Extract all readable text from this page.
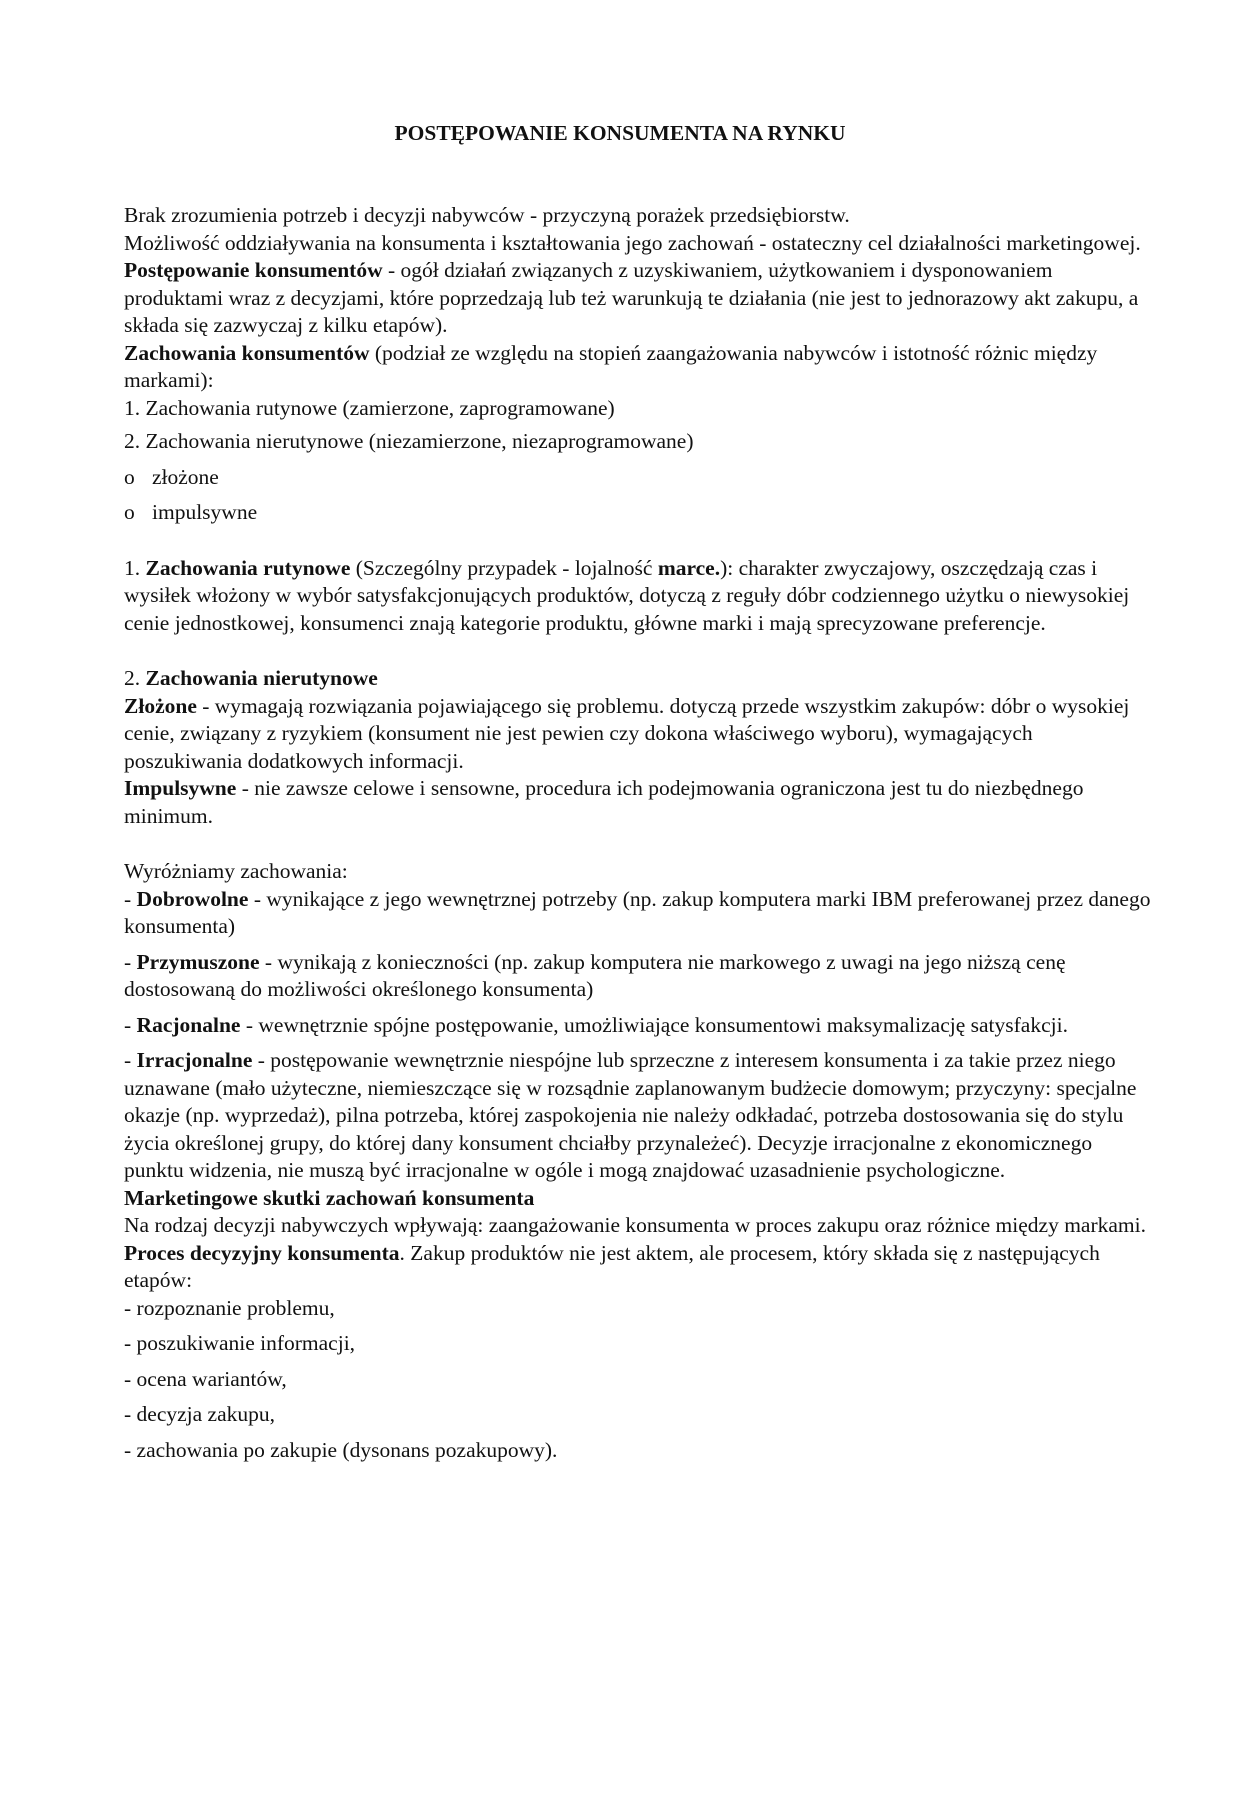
POSTĘPOWANIE KONSUMENTA NA RYNKU

Brak zrozumienia potrzeb i decyzji nabywców - przyczyną porażek przedsiębiorstw.

Możliwość oddziaływania na konsumenta i kształtowania jego zachowań - ostateczny cel działalności marketingowej.

Postępowanie konsumentów - ogół działań związanych z uzyskiwaniem, użytkowaniem i dysponowaniem produktami wraz z decyzjami, które poprzedzają lub też warunkują te działania (nie jest to jednorazowy akt zakupu, a składa się zazwyczaj z kilku etapów).

Zachowania konsumentów (podział ze względu na stopień zaangażowania nabywców i istotność różnic między markami):

1. Zachowania rutynowe (zamierzone, zaprogramowane)

2. Zachowania nierutynowe (niezamierzone, niezaprogramowane)

o złożone

o impulsywne

1. Zachowania rutynowe (Szczególny przypadek - lojalność marce.): charakter zwyczajowy, oszczędzają czas i wysiłek włożony w wybór satysfakcjonujących produktów, dotyczą z reguły dóbr codziennego użytku o niewysokiej cenie jednostkowej, konsumenci znają kategorie produktu, główne marki i mają sprecyzowane preferencje.

2. Zachowania nierutynowe

Złożone - wymagają rozwiązania pojawiającego się problemu. dotyczą przede wszystkim zakupów: dóbr o wysokiej cenie, związany z ryzykiem (konsument nie jest pewien czy dokona właściwego wyboru), wymagających poszukiwania dodatkowych informacji.

Impulsywne - nie zawsze celowe i sensowne, procedura ich podejmowania ograniczona jest tu do niezbędnego minimum.

Wyróżniamy zachowania:

- Dobrowolne - wynikające z jego wewnętrznej potrzeby (np. zakup komputera marki IBM preferowanej przez danego konsumenta)

- Przymuszone - wynikają z konieczności (np. zakup komputera nie markowego z uwagi na jego niższą cenę dostosowaną do możliwości określonego konsumenta)

- Racjonalne - wewnętrznie spójne postępowanie, umożliwiające konsumentowi maksymalizację satysfakcji.

- Irracjonalne - postępowanie wewnętrznie niespójne lub sprzeczne z interesem konsumenta i za takie przez niego uznawane (mało użyteczne, niemieszczące się w rozsądnie zaplanowanym budżecie domowym; przyczyny: specjalne okazje (np. wyprzedaż), pilna potrzeba, której zaspokojenia nie należy odkładać, potrzeba dostosowania się do stylu życia określonej grupy, do której dany konsument chciałby przynależeć). Decyzje irracjonalne z ekonomicznego punktu widzenia, nie muszą być irracjonalne w ogóle i mogą znajdować uzasadnienie psychologiczne.

Marketingowe skutki zachowań konsumenta

Na rodzaj decyzji nabywczych wpływają: zaangażowanie konsumenta w proces zakupu oraz różnice między markami.

Proces decyzyjny konsumenta. Zakup produktów nie jest aktem, ale procesem, który składa się z następujących etapów:

- rozpoznanie problemu,

- poszukiwanie informacji,

- ocena wariantów,

- decyzja zakupu,

- zachowania po zakupie (dysonans pozakupowy).
